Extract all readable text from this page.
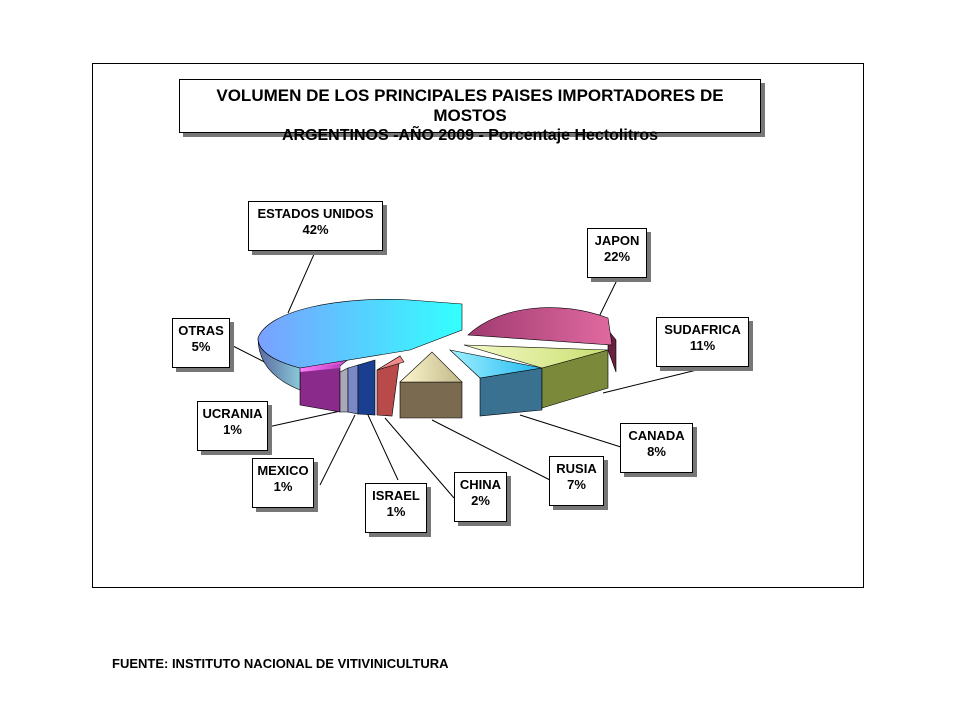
VOLUMEN DE LOS PRINCIPALES PAISES IMPORTADORES DE MOSTOS
ARGENTINOS -AÑO 2009 - Porcentaje Hectolitros
ESTADOS UNIDOS
42%
JAPON
22%
SUDAFRICA
11%
CANADA
8%
RUSIA
7%
CHINA
2%
ISRAEL
1%
MEXICO
1%
UCRANIA
1%
OTRAS
5%
FUENTE: INSTITUTO NACIONAL DE VITIVINICULTURA
